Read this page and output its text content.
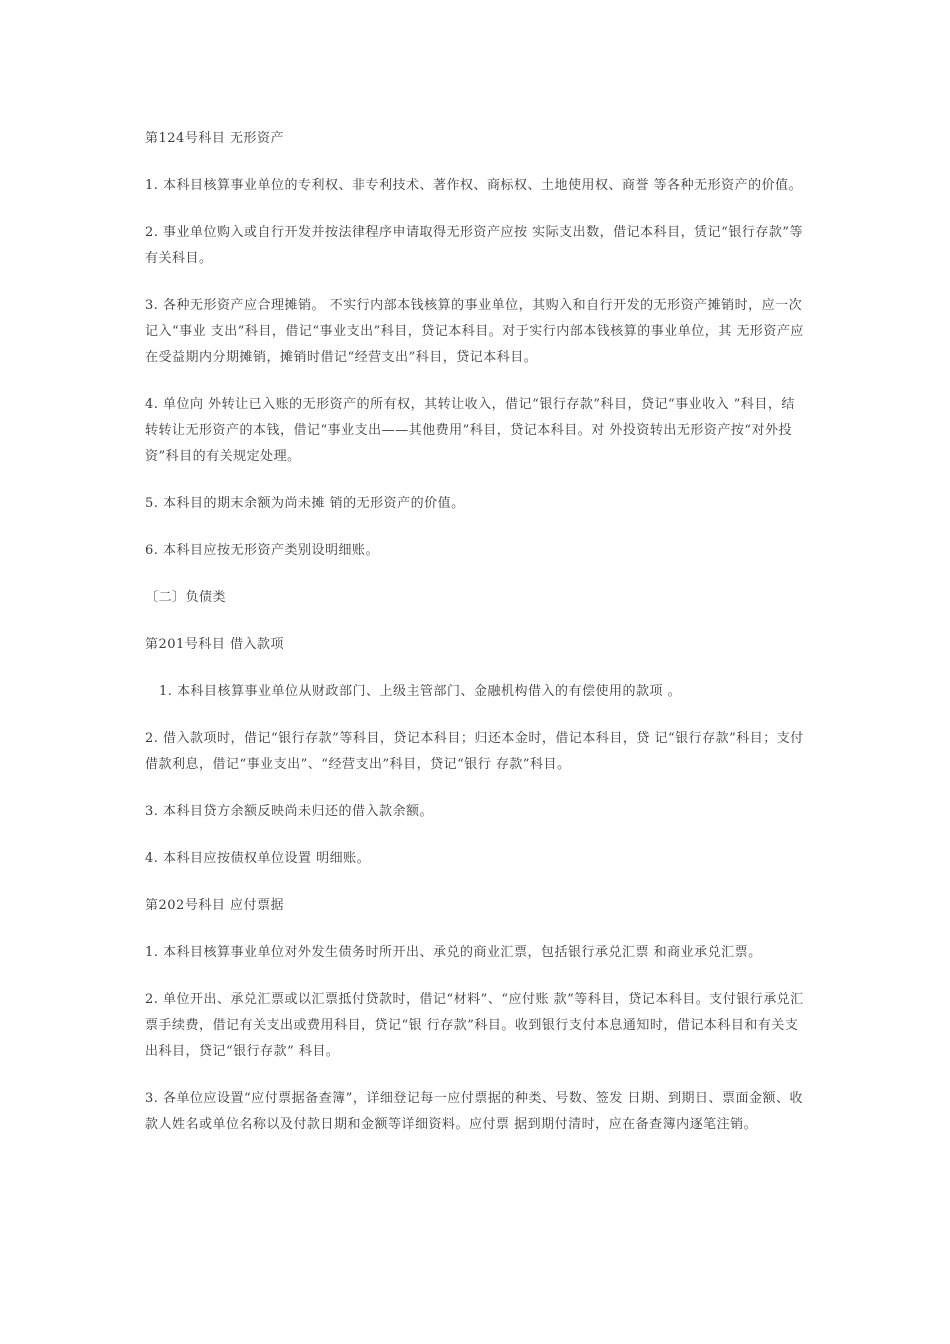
第124号科目 无形资产
1. 本科目核算事业单位的专利权、非专利技术、著作权、商标权、土地使用权、商誉 等各种无形资产的价值。
2. 事业单位购入或自行开发并按法律程序申请取得无形资产应按 实际支出数，借记本科目，赁记“银行存款”等有关科目。
3. 各种无形资产应合理摊销。 不实行内部本钱核算的事业单位，其购入和自行开发的无形资产摊销时，应一次记入“事业 支出”科目，借记“事业支出”科目，贷记本科目。对于实行内部本钱核算的事业单位，其 无形资产应在受益期内分期摊销，摊销时借记“经营支出”科目，贷记本科目。
4. 单位向 外转让已入账的无形资产的所有权，其转让收入，借记“银行存款”科目，贷记“事业收入 ”科目，结转转让无形资产的本钱，借记“事业支出——其他费用”科目，贷记本科目。对 外投资转出无形资产按“对外投资”科目的有关规定处理。
5. 本科目的期末余额为尚未摊 销的无形资产的价值。
6. 本科目应按无形资产类别设明细账。
〔二〕负债类
第201号科目 借入款项
1. 本科目核算事业单位从财政部门、上级主管部门、金融机构借入的有偿使用的款项 。
2. 借入款项时，借记“银行存款”等科目，贷记本科目；归还本金时，借记本科目，贷 记“银行存款”科目；支付借款利息，借记“事业支出”、“经营支出”科目，贷记“银行 存款”科目。
3. 本科目贷方余额反映尚未归还的借入款余额。
4. 本科目应按债权单位设置 明细账。
第202号科目 应付票据
1. 本科目核算事业单位对外发生债务时所开出、承兑的商业汇票，包括银行承兑汇票 和商业承兑汇票。
2. 单位开出、承兑汇票或以汇票抵付贷款时，借记“材料”、“应付账 款”等科目，贷记本科目。支付银行承兑汇票手续费，借记有关支出或费用科目，贷记“银 行存款”科目。收到银行支付本息通知时，借记本科目和有关支出科目，贷记“银行存款” 科目。
3. 各单位应设置“应付票据备查簿”，详细登记每一应付票据的种类、号数、签发 日期、到期日、票面金额、收款人姓名或单位名称以及付款日期和金额等详细资料。应付票 据到期付清时，应在备查簿内逐笔注销。
